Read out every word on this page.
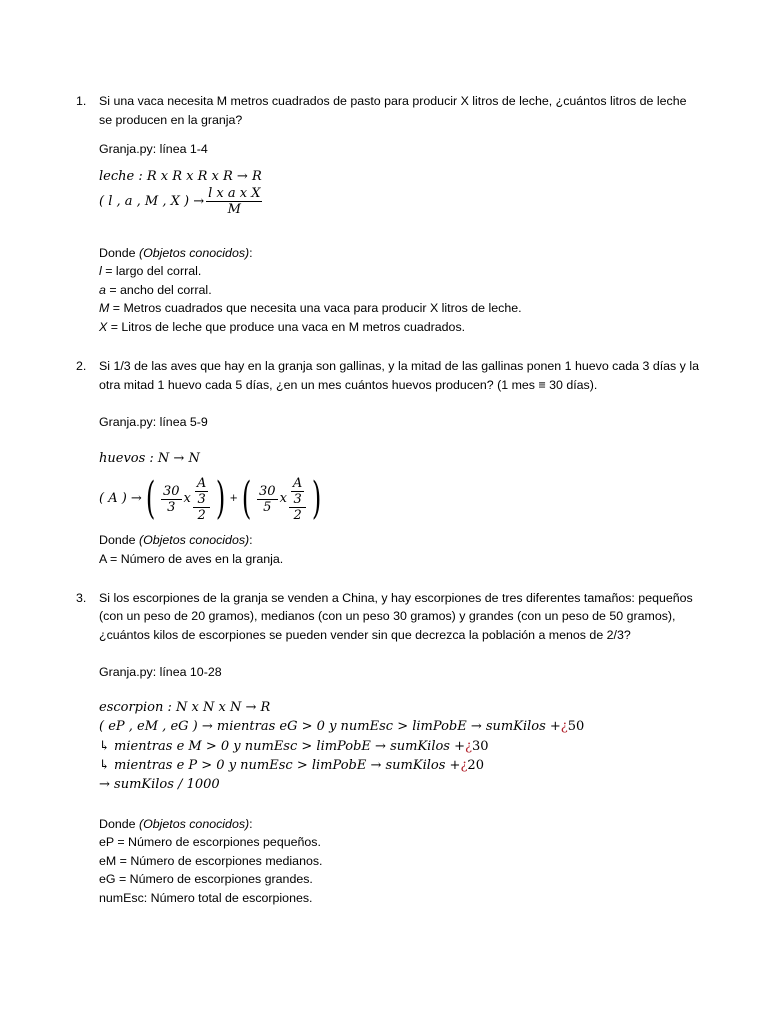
1. Si una vaca necesita M metros cuadrados de pasto para producir X litros de leche, ¿cuántos litros de leche
se producen en la granja?
Granja.py: línea 1-4
leche : R x R x R x R → R
( l , a , M , X ) → $\frac{\text{l x a x X}}{M}$
Donde (Objetos conocidos):
l = largo del corral.
a = ancho del corral.
M = Metros cuadrados que necesita una vaca para producir X litros de leche.
X = Litros de leche que produce una vaca en M metros cuadrados.
2. Si 1/3 de las aves que hay en la granja son gallinas, y la mitad de las gallinas ponen 1 huevo cada 3 días y la
otra mitad 1 huevo cada 5 días, ¿en un mes cuántos huevos producen? (1 mes ≡ 30 días).
Granja.py: línea 5-9
huevos : N → N
( A ) → ( $\frac{30}{3}$ x $\frac{\frac{A}{3}}{2}$ ) + ( $\frac{30}{5}$ x $\frac{\frac{A}{3}}{2}$ )
Donde (Objetos conocidos):
A = Número de aves en la granja.
3. Si los escorpiones de la granja se venden a China, y hay escorpiones de tres diferentes tamaños: pequeños
(con un peso de 20 gramos), medianos (con un peso 30 gramos) y grandes (con un peso de 50 gramos),
¿cuántos kilos de escorpiones se pueden vender sin que decrezca la población a menos de 2/3?
Granja.py: línea 10-28
escorpion : N x N x N → R
( eP , eM , eG ) → mientras eG > 0 y numEsc > limPobE → sumKilos +¿50
↳ mientras e M > 0 y numEsc > limPobE → sumKilos +¿30
↳ mientras e P > 0 y numEsc > limPobE → sumKilos +¿20
→ sumKilos / 1000
Donde (Objetos conocidos):
eP = Número de escorpiones pequeños.
eM = Número de escorpiones medianos.
eG = Número de escorpiones grandes.
numEsc: Número total de escorpiones.
